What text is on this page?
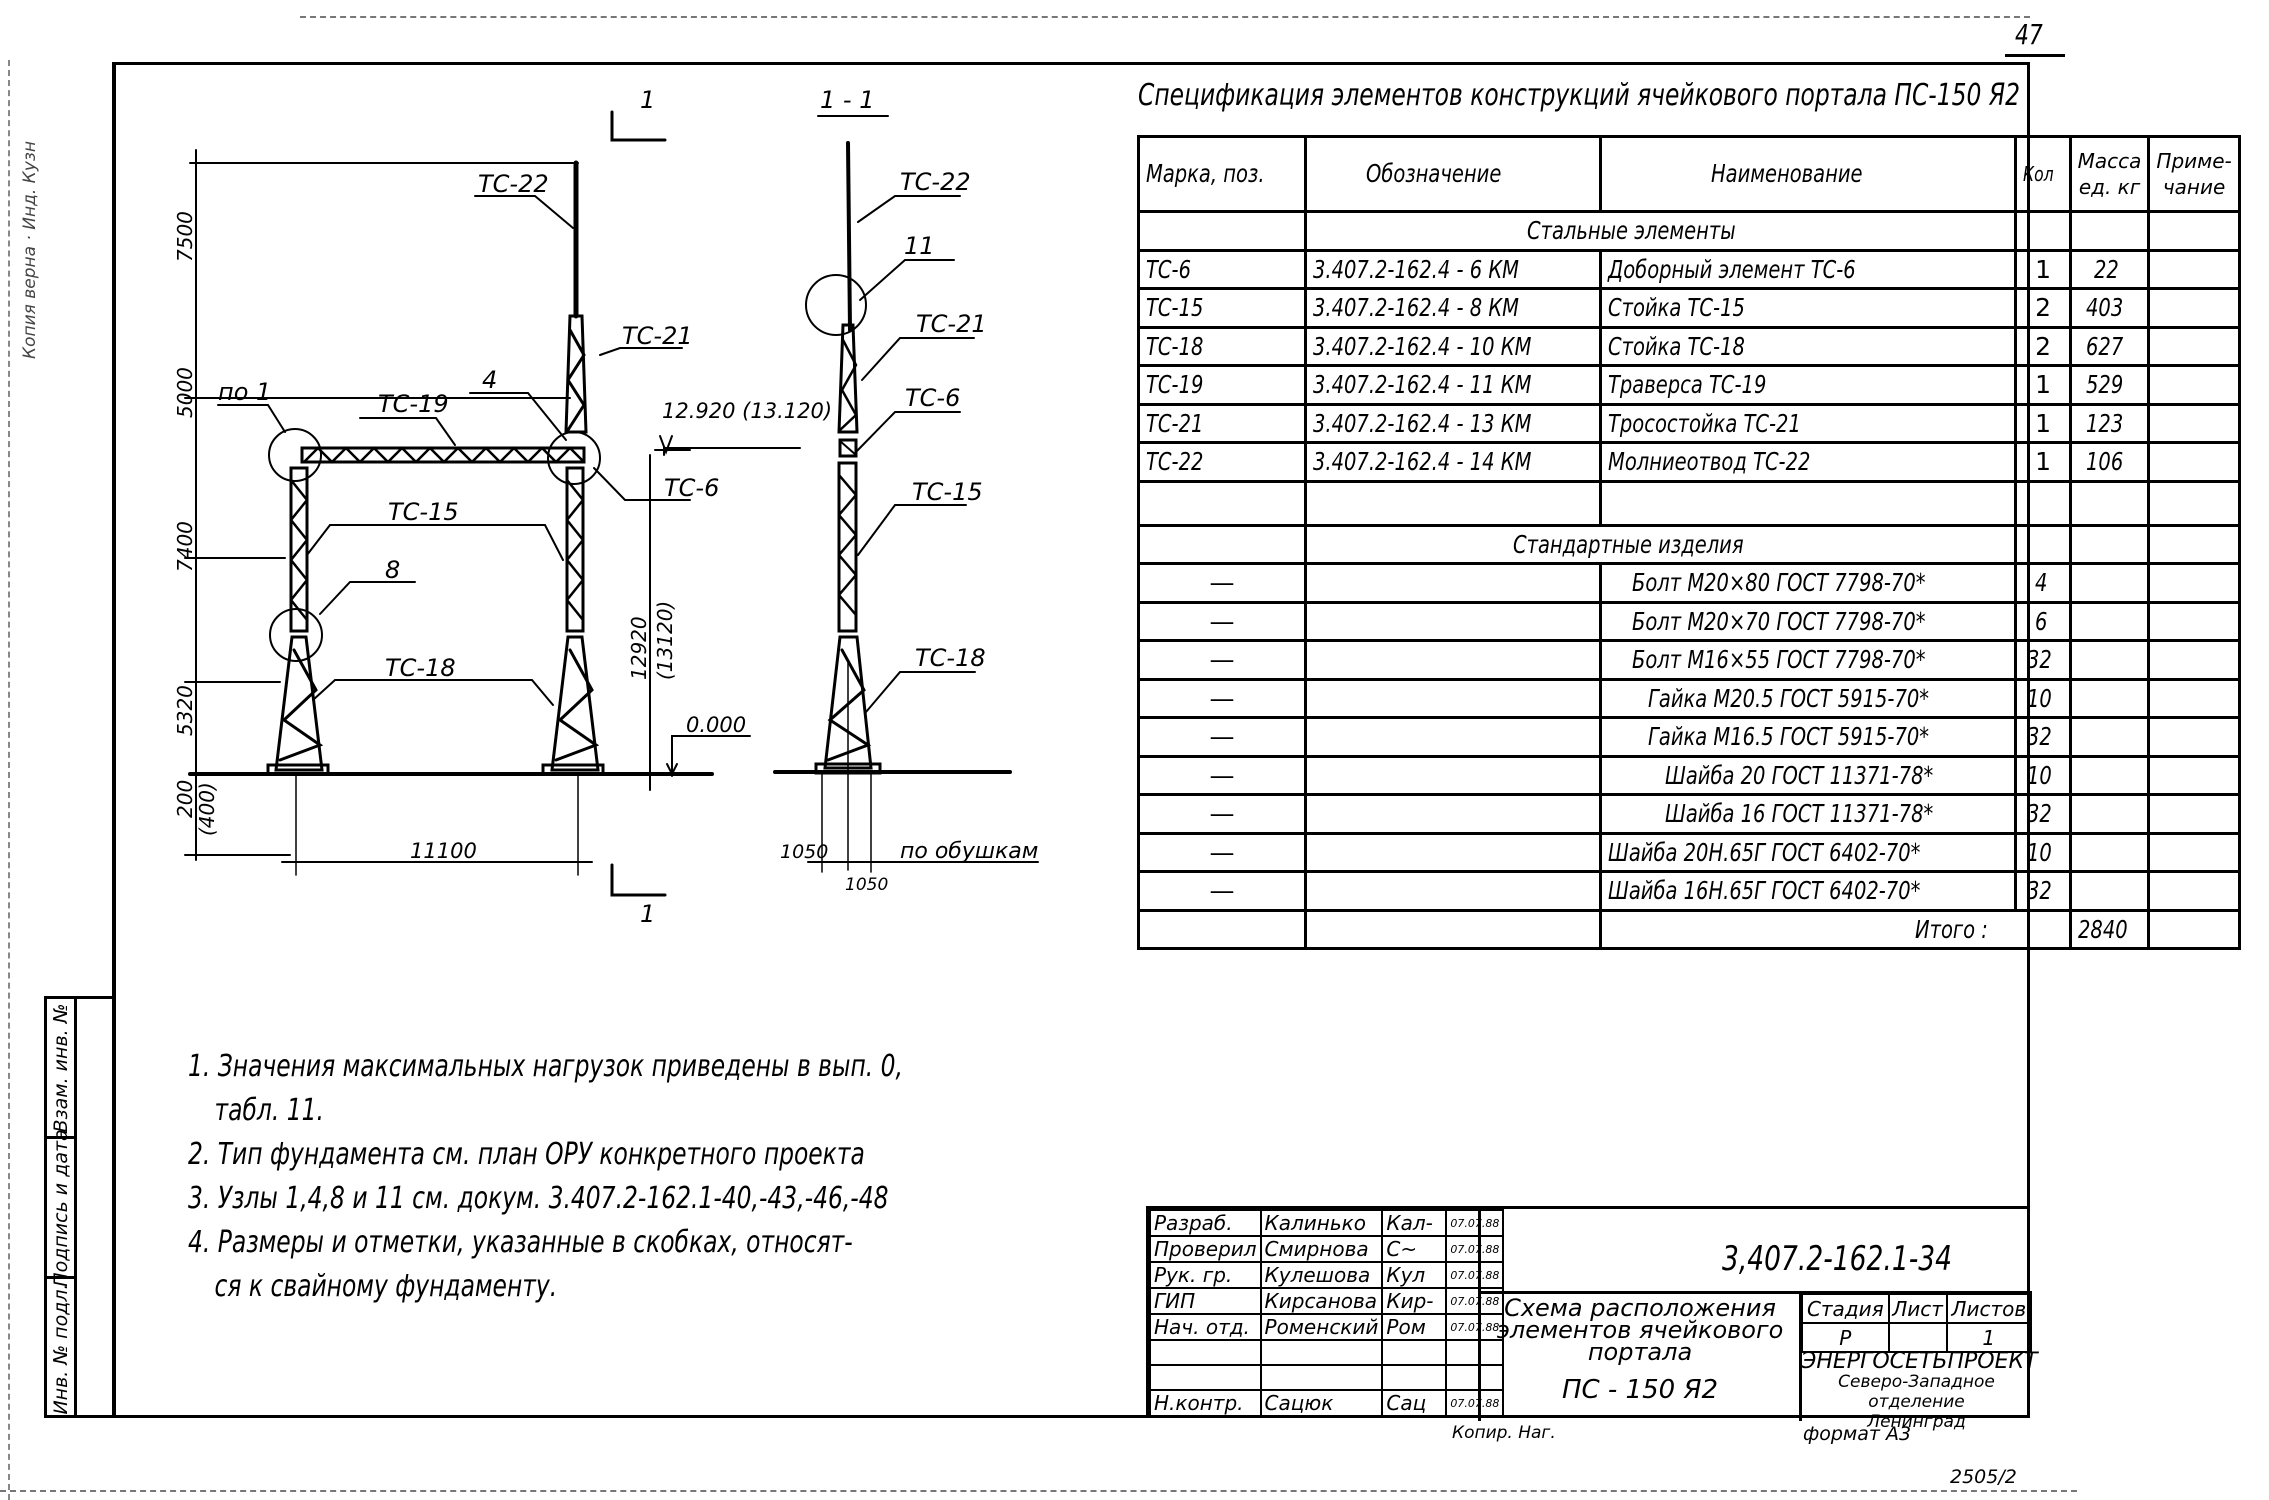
47
Копия верна · Инд. Кузн
Взам. инв. №
Подпись и дата
Инв. № подл.
1
1
1 - 1
ТС-22
ТС-21
ТС-19
по 1	4
ТС-6
ТС-15
8
ТС-18
12.920 (13.120)
0.000
11100
11
ТС-22
ТС-21
ТС-6
ТС-15
ТС-18
1050
1050
по обушкам
7500
5000
7400
5320
200
(400)
12920 (13120)
Спецификация элементов конструкций ячейкового портала ПС-150 Я2
Марка, поз.	Обозначение	Наименование	Кол	Масса ед. кг	Приме- чание
	Стальные элементы				
ТС-6	3.407.2-162.4 - 6 КМ	Доборный элемент ТС-6	1	22	
ТС-15	3.407.2-162.4 - 8 КМ	Стойка ТС-15	2	403	
ТС-18	3.407.2-162.4 - 10 КМ	Стойка ТС-18	2	627	
ТС-19	3.407.2-162.4 - 11 КМ	Траверса ТС-19	1	529	
ТС-21	3.407.2-162.4 - 13 КМ	Тросостойка ТС-21	1	123	
ТС-22	3.407.2-162.4 - 14 КМ	Молниеотвод ТС-22	1	106	

	Стандартные изделия				
—		Болт М20×80 ГОСТ 7798-70*	4		
—		Болт М20×70 ГОСТ 7798-70*	6		
—		Болт М16×55 ГОСТ 7798-70*	32		
—		Гайка М20.5 ГОСТ 5915-70*	10		
—		Гайка М16.5 ГОСТ 5915-70*	32		
—		Шайба 20 ГОСТ 11371-78*	10		
—		Шайба 16 ГОСТ 11371-78*	32		
—		Шайба 20Н.65Г ГОСТ 6402-70*	10		
—		Шайба 16Н.65Г ГОСТ 6402-70*	32		
		Итого :		2840	
1. Значения максимальных нагрузок приведены в вып. 0,
табл. 11.
2. Тип фундамента см. план ОРУ конкретного проекта
3. Узлы 1,4,8 и 11 см. докум. 3.407.2-162.1-40,-43,-46,-48
4. Размеры и отметки, указанные в скобках, относят-
ся к свайному фундаменту.
Разраб.	Калинько	Кал-	07.07.88
Проверил	Смирнова	С~	07.07.88
Рук. гр.	Кулешова	Кул	07.07.88
ГИП	Кирсанова	Кир-	07.07.88
Нач. отд.	Роменский	Ром	07.07.88

Н.контр.	Сацюк	Сац	07.07.88
3,407.2-162.1-34
Схема расположения элементов ячейкового портала
ПС - 150 Я2
Стадия	Лист	Листов
Р		1
ЭНЕРГОСЕТЬПРОЕКТ
Северо-Западное отделение
Ленинград
Копир. Наг.	формат А3
2505/2
